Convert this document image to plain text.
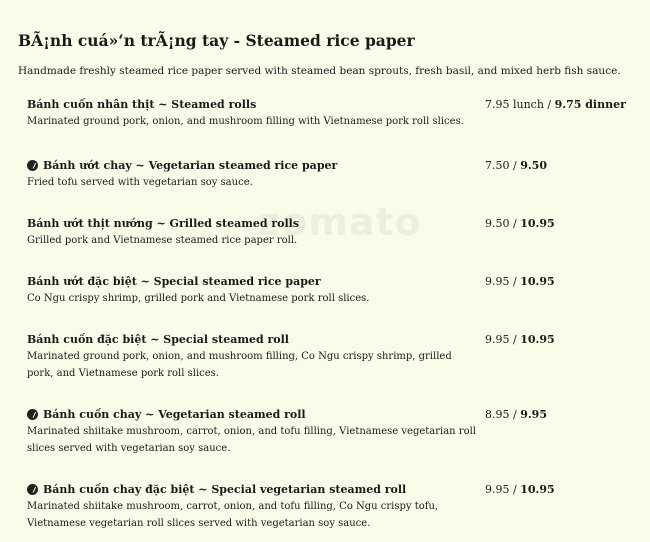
zomato
BÃ¡nh cuá»‘n trÃ¡ng tay - Steamed rice paper
Handmade freshly steamed rice paper served with steamed bean sprouts, fresh basil, and mixed herb fish sauce.
Bánh cuốn nhân thịt ~ Steamed rolls
Marinated ground pork, onion, and mushroom filling with Vietnamese pork roll slices.
7.95 lunch / 9.75 dinner
Bánh ướt chay ~ Vegetarian steamed rice paper
Fried tofu served with vegetarian soy sauce.
7.50 / 9.50
Bánh ướt thịt nướng ~ Grilled steamed rolls
Grilled pork and Vietnamese steamed rice paper roll.
9.50 / 10.95
Bánh ướt đặc biệt ~ Special steamed rice paper
Co Ngu crispy shrimp, grilled pork and Vietnamese pork roll slices.
9.95 / 10.95
Bánh cuốn đặc biệt ~ Special steamed roll
Marinated ground pork, onion, and mushroom filling, Co Ngu crispy shrimp, grilled pork, and Vietnamese pork roll slices.
9.95 / 10.95
Bánh cuốn chay ~ Vegetarian steamed roll
Marinated shiitake mushroom, carrot, onion, and tofu filling, Vietnamese vegetarian roll slices served with vegetarian soy sauce.
8.95 / 9.95
Bánh cuốn chay đặc biệt ~ Special vegetarian steamed roll
Marinated shiitake mushroom, carrot, onion, and tofu filling, Co Ngu crispy tofu, Vietnamese vegetarian roll slices served with vegetarian soy sauce.
9.95 / 10.95
